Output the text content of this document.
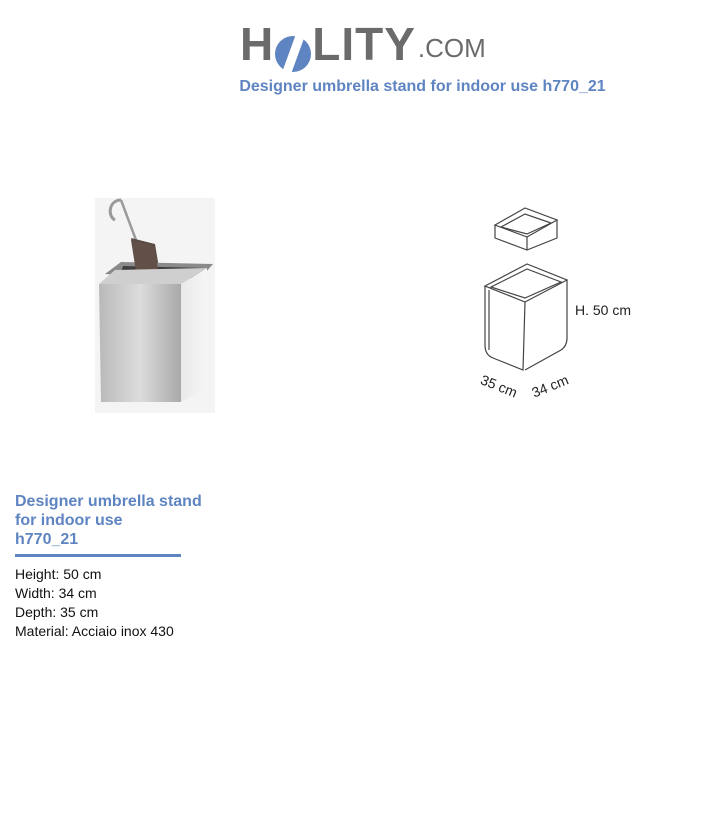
H LITY .COM
Designer umbrella stand for indoor use h770_21
H. 50 cm
35 cm 34 cm
Designer umbrella stand
for indoor use
h770_21
Height: 50 cm
Width: 34 cm
Depth: 35 cm
Material: Acciaio inox 430
